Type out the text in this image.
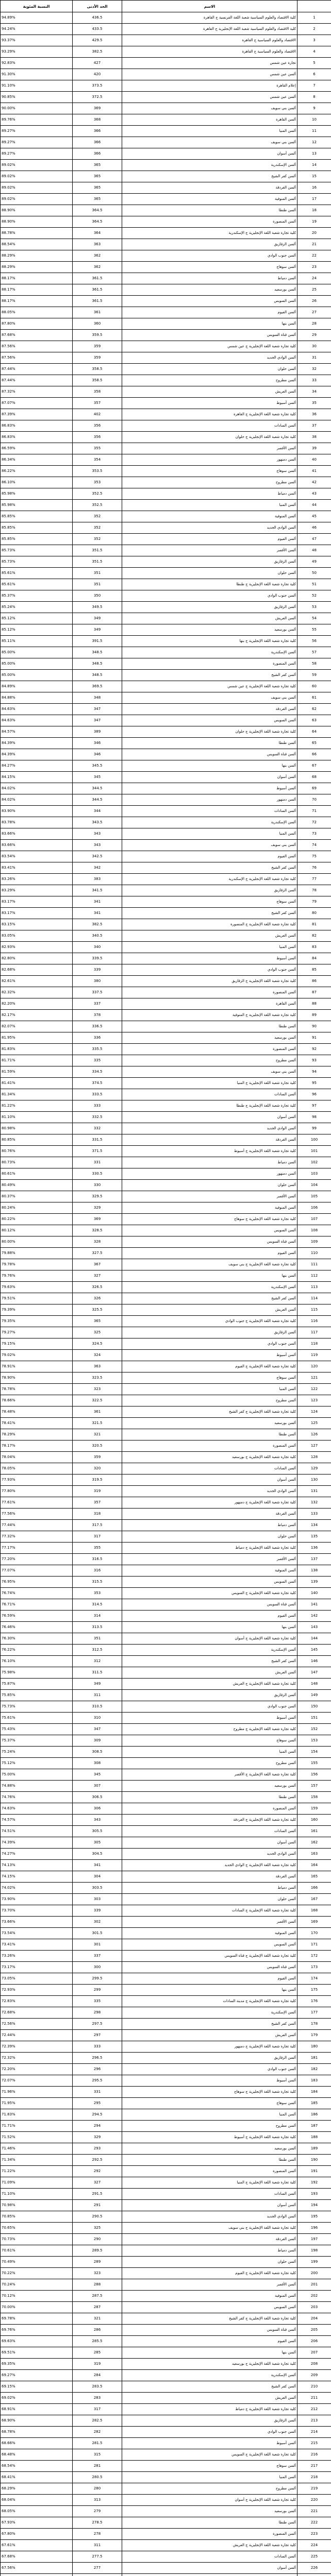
	الاسم	الحد الأدنى	النسبة المئوية
1	كلية الاقتصاد والعلوم السياسية شعبة اللغة الفرنسية ج القاهرة	436.5	94.89%
2	كلية الاقتصاد والعلوم السياسية شعبة اللغة الإنجليزية ج القاهرة	433.5	94.24%
3	الاقتصاد والعلوم السياسية ج القاهرة	429.5	93.37%
4	الاقتصاد والعلوم السياسية ج القاهرة	382.5	93.29%
5	تجارة عين شمس	427	92.83%
6	ألسن عين شمس	420	91.30%
7	إعلام القاهرة	373.5	91.10%
8	ألسن عين شمس	372.5	90.85%
9	ألسن بني سويف	369	90.00%
10	ألسن القاهرة	368	89.76%
11	ألسن المنيا	366	89.27%
12	ألسن بني سويف	366	89.27%
13	ألسن أسوان	366	89.27%
14	ألسن الإسكندرية	365	89.02%
15	ألسن كفر الشيخ	365	89.02%
16	ألسن الغردقة	365	89.02%
17	ألسن المنوفية	365	89.02%
18	ألسن طنطا	364.5	88.90%
19	ألسن المنصورة	364.5	88.90%
20	كلية تجارة شعبة اللغة الإنجليزية ج الإسكندرية	364	88.78%
21	ألسن الزقازيق	363	88.54%
22	ألسن جنوب الوادي	362	88.29%
23	ألسن سوهاج	362	88.29%
24	ألسن دمياط	361.5	88.17%
25	ألسن بورسعيد	361.5	88.17%
26	ألسن السويس	361.5	88.17%
27	ألسن الفيوم	361	88.05%
28	ألسن بنها	360	87.80%
29	ألسن قناة السويس	359.5	87.68%
30	كلية تجارة شعبة اللغة الإنجليزية ج عين شمس	359	87.56%
31	ألسن الوادي الجديد	359	87.56%
32	ألسن حلوان	358.5	87.44%
33	ألسن مطروح	358.5	87.44%
34	ألسن العريش	358	87.32%
35	ألسن أسيوط	357	87.07%
36	كلية تجارة شعبة اللغة الإنجليزية ج القاهرة	402	87.39%
37	ألسن السادات	356	86.83%
38	كلية تجارة شعبة اللغة الإنجليزية ج حلوان	356	86.83%
39	ألسن الأقصر	355	86.59%
40	ألسن دمنهور	354	86.34%
41	ألسن سوهاج	353.5	86.22%
42	ألسن مطروح	353	86.10%
43	ألسن دمياط	352.5	85.98%
44	ألسن المنيا	352.5	85.98%
45	ألسن المنوفية	352	85.85%
46	ألسن الوادي الجديد	352	85.85%
47	ألسن الفيوم	352	85.85%
48	ألسن الأقصر	351.5	85.73%
49	ألسن الزقازيق	351.5	85.73%
50	ألسن حلوان	351	85.61%
51	كلية تجارة شعبة اللغة الإنجليزية ج طنطا	351	85.61%
52	ألسن جنوب الوادي	350	85.37%
53	ألسن الزقازيق	349.5	85.24%
54	ألسن العريش	349	85.12%
55	ألسن بورسعيد	349	85.12%
56	كلية تجارة شعبة اللغة الإنجليزية ج بنها	391.5	85.11%
57	ألسن الإسكندرية	348.5	85.00%
58	ألسن المنصورة	348.5	85.00%
59	ألسن كفر الشيخ	348.5	85.00%
60	كلية تجارة شعبة اللغة الإنجليزية ج عين شمس	369.5	84.89%
61	ألسن بني سويف	348	84.88%
62	ألسن الغردقة	347	84.63%
63	ألسن السويس	347	84.63%
64	كلية تجارة شعبة اللغة الإنجليزية ج حلوان	389	84.57%
65	ألسن طنطا	346	84.39%
66	ألسن قناة السويس	346	84.39%
67	ألسن بنها	345.5	84.27%
68	ألسن أسوان	345	84.15%
69	ألسن أسيوط	344.5	84.02%
70	ألسن دمنهور	344.5	84.02%
71	ألسن السادات	344	83.90%
72	ألسن الإسكندرية	343.5	83.78%
73	ألسن المنيا	343	83.66%
74	ألسن بني سويف	343	83.66%
75	ألسن الفيوم	342.5	83.54%
76	ألسن كفر الشيخ	342	83.41%
77	كلية تجارة شعبة اللغة الإنجليزية ج الإسكندرية	383	83.26%
78	ألسن الزقازيق	341.5	83.29%
79	ألسن سوهاج	341	83.17%
80	ألسن كفر الشيخ	341	83.17%
81	كلية تجارة شعبة اللغة الإنجليزية ج المنصورة	382.5	83.15%
82	ألسن العريش	340.5	83.05%
83	ألسن المنيا	340	82.93%
84	ألسن أسيوط	339.5	82.80%
85	ألسن جنوب الوادي	339	82.68%
86	كلية تجارة شعبة اللغة الإنجليزية ج الزقازيق	380	82.61%
87	ألسن المنصورة	337.5	82.32%
88	ألسن القاهرة	337	82.20%
89	كلية تجارة شعبة اللغة الإنجليزية ج المنوفية	378	82.17%
90	ألسن طنطا	336.5	82.07%
91	ألسن بورسعيد	336	81.95%
92	ألسن المنصورة	335.5	81.83%
93	ألسن مطروح	335	81.71%
94	ألسن بني سويف	334.5	81.59%
95	كلية تجارة شعبة اللغة الإنجليزية ج المنيا	374.5	81.41%
96	ألسن السادات	333.5	81.34%
97	كلية تجارة شعبة اللغة الإنجليزية ج طنطا	333	81.22%
98	ألسن أسوان	332.5	81.10%
99	ألسن الوادي الجديد	332	80.98%
100	ألسن الغردقة	331.5	80.85%
101	كلية تجارة شعبة اللغة الإنجليزية ج أسيوط	371.5	80.76%
102	ألسن دمياط	331	80.73%
103	ألسن دمنهور	330.5	80.61%
104	ألسن حلوان	330	80.49%
105	ألسن الأقصر	329.5	80.37%
106	ألسن المنوفية	329	80.24%
107	كلية تجارة شعبة اللغة الإنجليزية ج سوهاج	369	80.22%
108	ألسن السويس	328.5	80.12%
109	ألسن قناة السويس	328	80.00%
110	ألسن الفيوم	327.5	79.88%
111	كلية تجارة شعبة اللغة الإنجليزية ج بني سويف	367	79.78%
112	ألسن بنها	327	79.76%
113	ألسن الإسكندرية	326.5	79.63%
114	ألسن كفر الشيخ	326	79.51%
115	ألسن العريش	325.5	79.39%
116	كلية تجارة شعبة اللغة الإنجليزية ج جنوب الوادي	365	79.35%
117	ألسن الزقازيق	325	79.27%
118	ألسن جنوب الوادي	324.5	79.15%
119	ألسن أسيوط	324	79.02%
120	كلية تجارة شعبة اللغة الإنجليزية ج الفيوم	363	78.91%
121	ألسن سوهاج	323.5	78.90%
122	ألسن المنيا	323	78.78%
123	ألسن مطروح	322.5	78.66%
124	كلية تجارة شعبة اللغة الإنجليزية ج كفر الشيخ	361	78.48%
125	ألسن بورسعيد	321.5	78.41%
126	ألسن طنطا	321	78.29%
127	ألسن المنصورة	320.5	78.17%
128	كلية تجارة شعبة اللغة الإنجليزية ج بورسعيد	359	78.04%
129	ألسن السادات	320	78.05%
130	ألسن أسوان	319.5	77.93%
131	ألسن الوادي الجديد	319	77.80%
132	كلية تجارة شعبة اللغة الإنجليزية ج دمنهور	357	77.61%
133	ألسن الغردقة	318	77.56%
134	ألسن دمياط	317.5	77.44%
135	ألسن حلوان	317	77.32%
136	كلية تجارة شعبة اللغة الإنجليزية ج دمياط	355	77.17%
137	ألسن الأقصر	316.5	77.20%
138	ألسن المنوفية	316	77.07%
139	ألسن السويس	315.5	76.95%
140	كلية تجارة شعبة اللغة الإنجليزية ج السويس	353	76.74%
141	ألسن قناة السويس	314.5	76.71%
142	ألسن الفيوم	314	76.59%
143	ألسن بنها	313.5	76.46%
144	كلية تجارة شعبة اللغة الإنجليزية ج أسوان	351	76.30%
145	ألسن الإسكندرية	312.5	76.22%
146	ألسن كفر الشيخ	312	76.10%
147	ألسن العريش	311.5	75.98%
148	كلية تجارة شعبة اللغة الإنجليزية ج العريش	349	75.87%
149	ألسن الزقازيق	311	75.85%
150	ألسن جنوب الوادي	310.5	75.73%
151	ألسن أسيوط	310	75.61%
152	كلية تجارة شعبة اللغة الإنجليزية ج مطروح	347	75.43%
153	ألسن سوهاج	309	75.37%
154	ألسن المنيا	308.5	75.24%
155	ألسن مطروح	308	75.12%
156	كلية تجارة شعبة اللغة الإنجليزية ج الأقصر	345	75.00%
157	ألسن بورسعيد	307	74.88%
158	ألسن طنطا	306.5	74.76%
159	ألسن المنصورة	306	74.63%
160	كلية تجارة شعبة اللغة الإنجليزية ج الغردقة	343	74.57%
161	ألسن السادات	305.5	74.51%
162	ألسن أسوان	305	74.39%
163	ألسن الوادي الجديد	304.5	74.27%
164	كلية تجارة شعبة اللغة الإنجليزية ج الوادي الجديد	341	74.13%
165	ألسن الغردقة	304	74.15%
166	ألسن دمياط	303.5	74.02%
167	ألسن حلوان	303	73.90%
168	كلية تجارة شعبة اللغة الإنجليزية ج السادات	339	73.70%
169	ألسن الأقصر	302	73.66%
170	ألسن المنوفية	301.5	73.54%
171	ألسن السويس	301	73.41%
172	كلية تجارة شعبة اللغة الإنجليزية ج قناة السويس	337	73.26%
173	ألسن قناة السويس	300	73.17%
174	ألسن الفيوم	299.5	73.05%
175	ألسن بنها	299	72.93%
176	كلية تجارة شعبة اللغة الإنجليزية ج مدينة السادات	335	72.83%
177	ألسن الإسكندرية	298	72.68%
178	ألسن كفر الشيخ	297.5	72.56%
179	ألسن العريش	297	72.44%
180	كلية تجارة شعبة اللغة الإنجليزية ج دمنهور	333	72.39%
181	ألسن الزقازيق	296.5	72.32%
182	ألسن جنوب الوادي	296	72.20%
183	ألسن أسيوط	295.5	72.07%
184	كلية تجارة شعبة اللغة الإنجليزية ج سوهاج	331	71.96%
185	ألسن سوهاج	295	71.95%
186	ألسن المنيا	294.5	71.83%
187	ألسن مطروح	294	71.71%
188	كلية تجارة شعبة اللغة الإنجليزية ج أسيوط	329	71.52%
189	ألسن بورسعيد	293	71.46%
190	ألسن طنطا	292.5	71.34%
191	ألسن المنصورة	292	71.22%
192	كلية تجارة شعبة اللغة الإنجليزية ج المنيا	327	71.09%
193	ألسن السادات	291.5	71.10%
194	ألسن أسوان	291	70.98%
195	ألسن الوادي الجديد	290.5	70.85%
196	كلية تجارة شعبة اللغة الإنجليزية ج بني سويف	325	70.65%
197	ألسن الغردقة	290	70.73%
198	ألسن دمياط	289.5	70.61%
199	ألسن حلوان	289	70.49%
200	كلية تجارة شعبة اللغة الإنجليزية ج الفيوم	323	70.22%
201	ألسن الأقصر	288	70.24%
202	ألسن المنوفية	287.5	70.12%
203	ألسن السويس	287	70.00%
204	كلية تجارة شعبة اللغة الإنجليزية ج كفر الشيخ	321	69.78%
205	ألسن قناة السويس	286	69.76%
206	ألسن الفيوم	285.5	69.63%
207	ألسن بنها	285	69.51%
208	كلية تجارة شعبة اللغة الإنجليزية ج بورسعيد	319	69.35%
209	ألسن الإسكندرية	284	69.27%
210	ألسن كفر الشيخ	283.5	69.15%
211	ألسن العريش	283	69.02%
212	كلية تجارة شعبة اللغة الإنجليزية ج دمياط	317	68.91%
213	ألسن الزقازيق	282.5	68.90%
214	ألسن جنوب الوادي	282	68.78%
215	ألسن أسيوط	281.5	68.66%
216	كلية تجارة شعبة اللغة الإنجليزية ج السويس	315	68.48%
217	ألسن سوهاج	281	68.54%
218	ألسن المنيا	280.5	68.41%
219	ألسن مطروح	280	68.29%
220	كلية تجارة شعبة اللغة الإنجليزية ج أسوان	313	68.04%
221	ألسن بورسعيد	279	68.05%
222	ألسن طنطا	278.5	67.93%
223	ألسن المنصورة	278	67.80%
224	كلية تجارة شعبة اللغة الإنجليزية ج العريش	311	67.61%
225	ألسن السادات	277.5	67.68%
226	ألسن أسوان	277	67.56%
